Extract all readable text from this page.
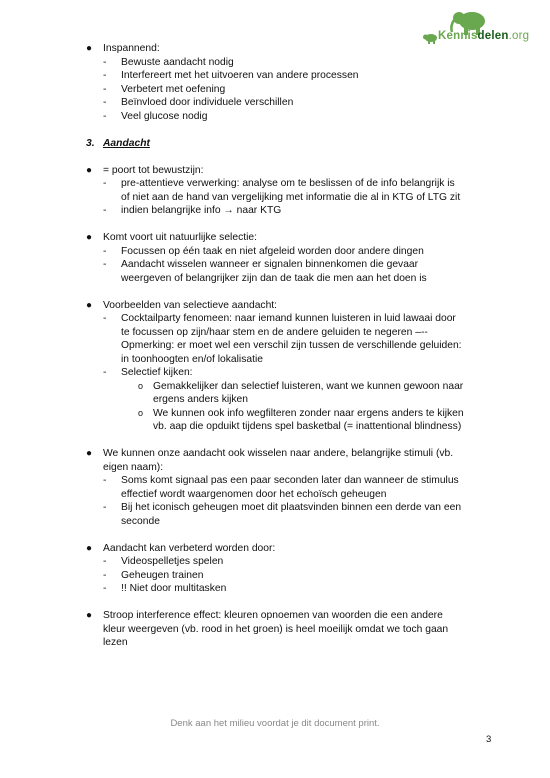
Kennisdelen.org
● Inspannend:
- Bewuste aandacht nodig
- Interfereert met het uitvoeren van andere processen
- Verbetert met oefening
- Beïnvloed door individuele verschillen
- Veel glucose nodig
3. Aandacht
● = poort tot bewustzijn:
- pre-attentieve verwerking: analyse om te beslissen of de info belangrijk is
of niet aan de hand van vergelijking met informatie die al in KTG of LTG zit
- indien belangrijke info → naar KTG
● Komt voort uit natuurlijke selectie:
- Focussen op één taak en niet afgeleid worden door andere dingen
- Aandacht wisselen wanneer er signalen binnenkomen die gevaar
weergeven of belangrijker zijn dan de taak die men aan het doen is
● Voorbeelden van selectieve aandacht:
- Cocktailparty fenomeen: naar iemand kunnen luisteren in luid lawaai door
te focussen op zijn/haar stem en de andere geluiden te negeren –--
Opmerking: er moet wel een verschil zijn tussen de verschillende geluiden:
in toonhoogten en/of lokalisatie
- Selectief kijken:
o Gemakkelijker dan selectief luisteren, want we kunnen gewoon naar
ergens anders kijken
o We kunnen ook info wegfilteren zonder naar ergens anders te kijken
vb. aap die opduikt tijdens spel basketbal (= inattentional blindness)
● We kunnen onze aandacht ook wisselen naar andere, belangrijke stimuli (vb.
eigen naam):
- Soms komt signaal pas een paar seconden later dan wanneer de stimulus
effectief wordt waargenomen door het echoïsch geheugen
- Bij het iconisch geheugen moet dit plaatsvinden binnen een derde van een
seconde
● Aandacht kan verbeterd worden door:
- Videospelletjes spelen
- Geheugen trainen
- !! Niet door multitasken
● Stroop interference effect: kleuren opnoemen van woorden die een andere
kleur weergeven (vb. rood in het groen) is heel moeilijk omdat we toch gaan
lezen
Denk aan het milieu voordat je dit document print.
3
